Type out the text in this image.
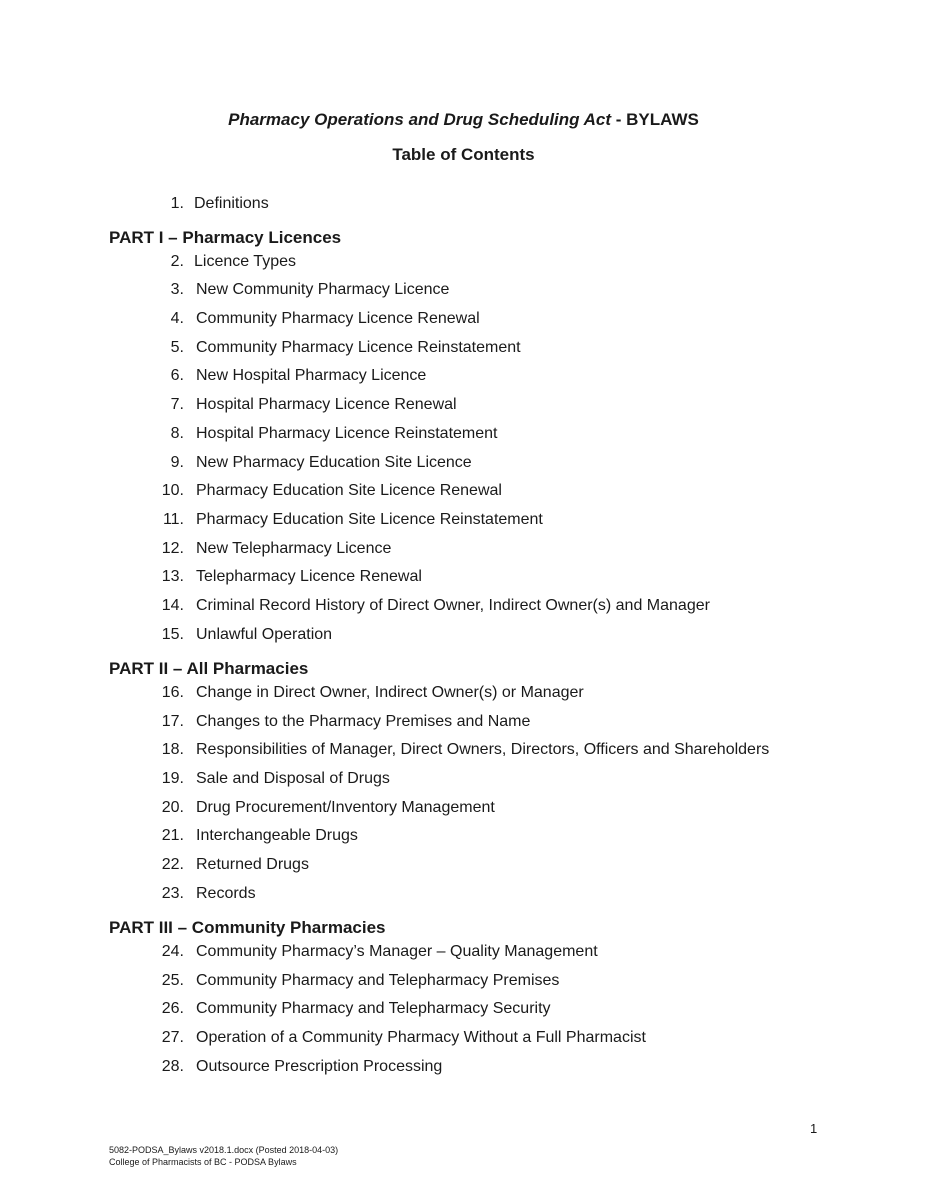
Pharmacy Operations and Drug Scheduling Act - BYLAWS
Table of Contents
1. Definitions
PART I – Pharmacy Licences
2. Licence Types
3. New Community Pharmacy Licence
4. Community Pharmacy Licence Renewal
5. Community Pharmacy Licence Reinstatement
6. New Hospital Pharmacy Licence
7. Hospital Pharmacy Licence Renewal
8. Hospital Pharmacy Licence Reinstatement
9. New Pharmacy Education Site Licence
10. Pharmacy Education Site Licence Renewal
11. Pharmacy Education Site Licence Reinstatement
12. New Telepharmacy Licence
13. Telepharmacy Licence Renewal
14. Criminal Record History of Direct Owner, Indirect Owner(s) and Manager
15. Unlawful Operation
PART II – All Pharmacies
16. Change in Direct Owner, Indirect Owner(s) or Manager
17. Changes to the Pharmacy Premises and Name
18. Responsibilities of Manager, Direct Owners, Directors, Officers and Shareholders
19. Sale and Disposal of Drugs
20. Drug Procurement/Inventory Management
21. Interchangeable Drugs
22. Returned Drugs
23. Records
PART III – Community Pharmacies
24. Community Pharmacy’s Manager – Quality Management
25. Community Pharmacy and Telepharmacy Premises
26. Community Pharmacy and Telepharmacy Security
27. Operation of a Community Pharmacy Without a Full Pharmacist
28. Outsource Prescription Processing
1
5082-PODSA_Bylaws v2018.1.docx (Posted 2018-04-03)
College of Pharmacists of BC - PODSA Bylaws
